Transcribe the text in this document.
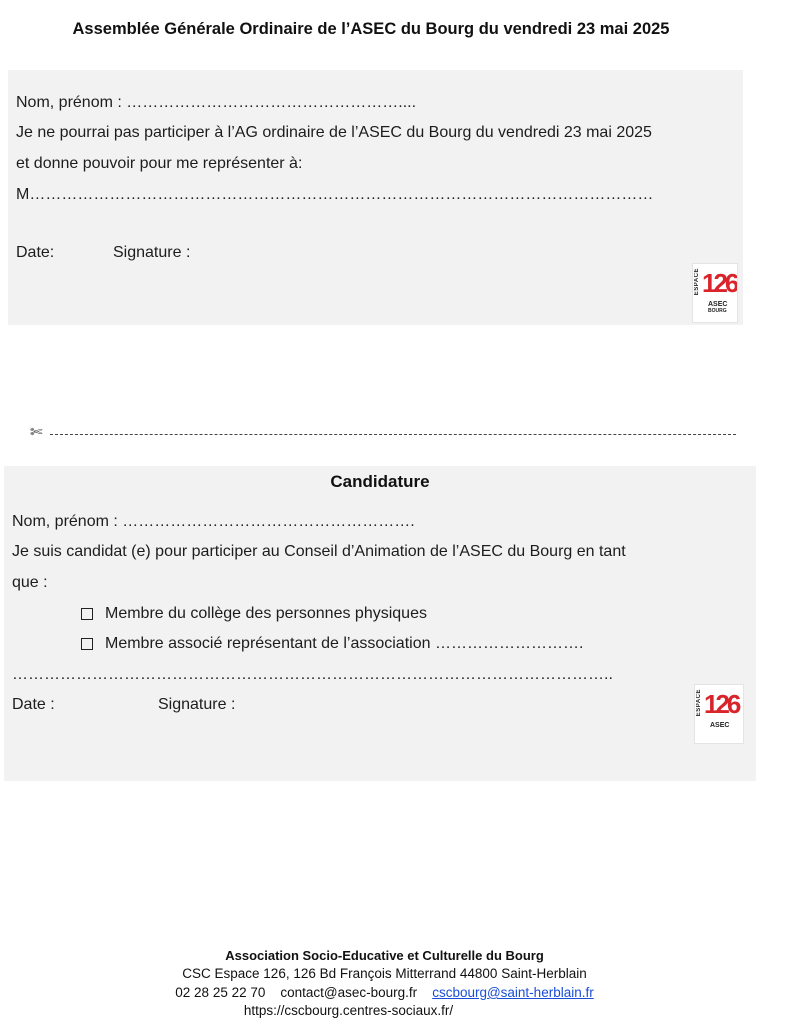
Assemblée Générale Ordinaire de l’ASEC du Bourg du vendredi 23 mai 2025
Nom, prénom : ……………………………………………....
Je ne pourrai pas participer à l’AG ordinaire de l’ASEC du Bourg du vendredi 23 mai 2025
et donne pouvoir pour me représenter à:
M………………………………………………………………………………………………………
Date:	Signature :
ESPACE 126
ASEC
BOURG
✄
Candidature
Nom, prénom : ……………………………………………….
Je suis candidat (e) pour participer au Conseil d’Animation de l’ASEC du Bourg en tant
que :
Membre du collège des personnes physiques
Membre associé représentant de l’association ……………………….
…………………………………………………………………………………………………..
Date :	Signature :	ESPACE 126
ASEC
Association Socio-Educative et Culturelle du Bourg
CSC Espace 126, 126 Bd François Mitterrand 44800 Saint-Herblain
02 28 25 22 70 contact@asec-bourg.fr cscbourg@saint-herblain.fr
https://cscbourg.centres-sociaux.fr/
